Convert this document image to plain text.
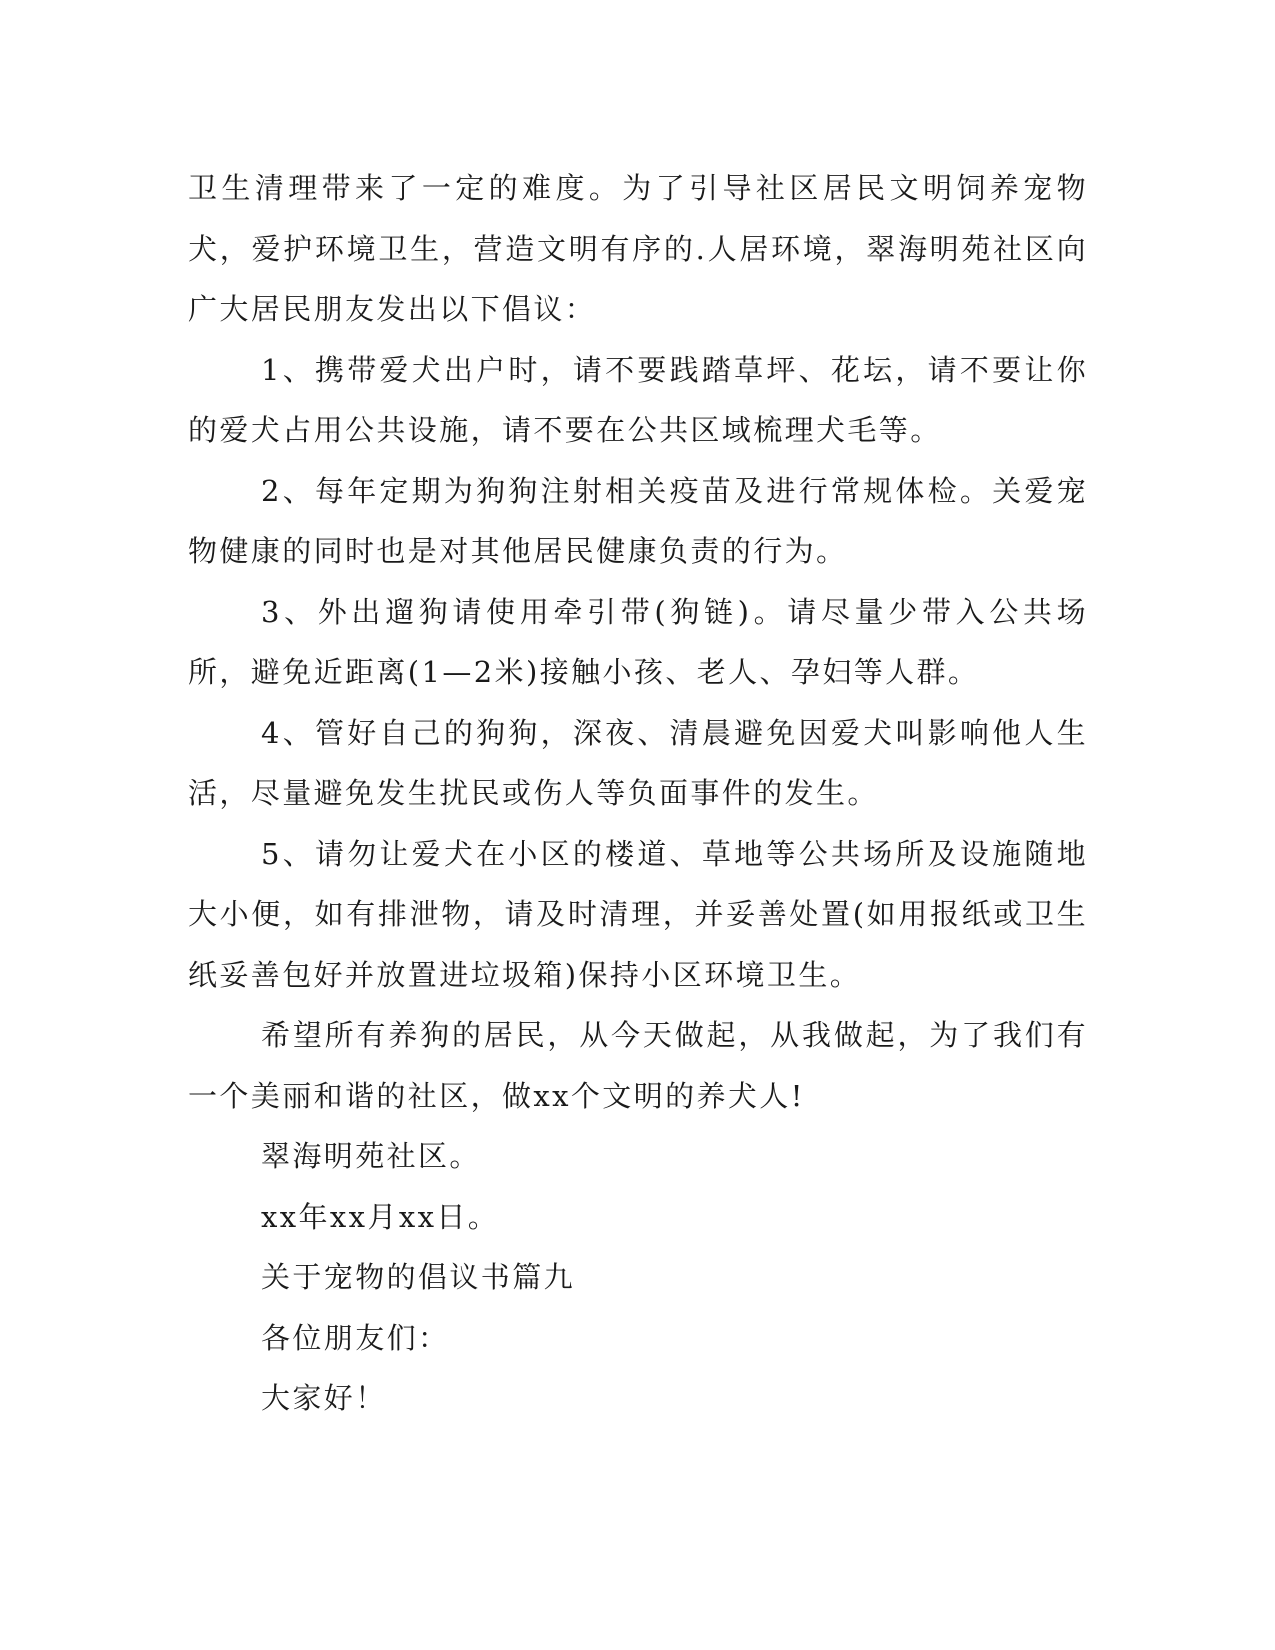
卫生清理带来了一定的难度。为了引导社区居民文明饲养宠物犬，爱护环境卫生，营造文明有序的.人居环境，翠海明苑社区向广大居民朋友发出以下倡议：

1、携带爱犬出户时，请不要践踏草坪、花坛，请不要让你的爱犬占用公共设施，请不要在公共区域梳理犬毛等。

2、每年定期为狗狗注射相关疫苗及进行常规体检。关爱宠物健康的同时也是对其他居民健康负责的行为。

3、外出遛狗请使用牵引带(狗链)。请尽量少带入公共场所，避免近距离(1—2米)接触小孩、老人、孕妇等人群。

4、管好自己的狗狗，深夜、清晨避免因爱犬叫影响他人生活，尽量避免发生扰民或伤人等负面事件的发生。

5、请勿让爱犬在小区的楼道、草地等公共场所及设施随地大小便，如有排泄物，请及时清理，并妥善处置(如用报纸或卫生纸妥善包好并放置进垃圾箱)保持小区环境卫生。

希望所有养狗的居民，从今天做起，从我做起，为了我们有一个美丽和谐的社区，做xx个文明的养犬人!

翠海明苑社区。

xx年xx月xx日。

关于宠物的倡议书篇九

各位朋友们：

大家好！
